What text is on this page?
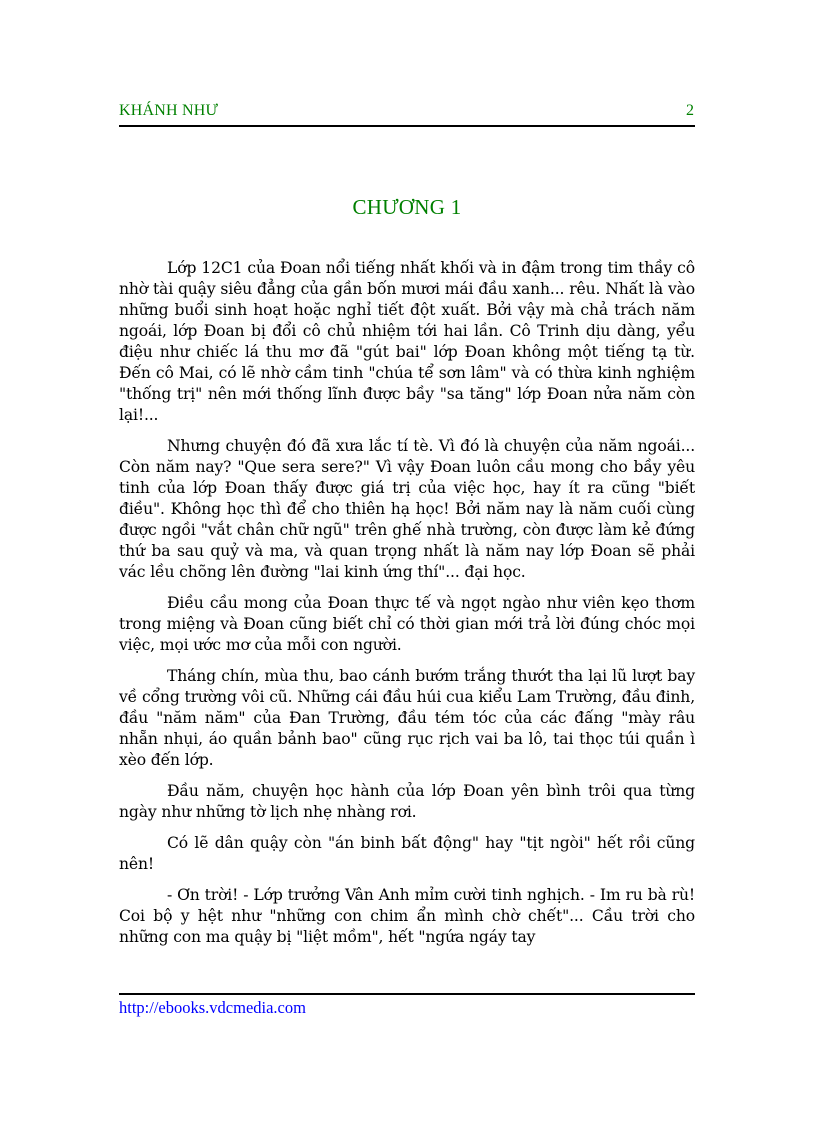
KHÁNH NHƯ	2
CHƯƠNG 1

Lớp 12C1 của Đoan nổi tiếng nhất khối và in đậm trong tim thầy cô nhờ tài quậy siêu đẳng của gần bốn mươi mái đầu xanh... rêu. Nhất là vào những buổi sinh hoạt hoặc nghỉ tiết đột xuất. Bởi vậy mà chả trách năm ngoái, lớp Đoan bị đổi cô chủ nhiệm tới hai lần. Cô Trinh dịu dàng, yểu điệu như chiếc lá thu mơ đã "gút bai" lớp Đoan không một tiếng tạ từ. Đến cô Mai, có lẽ nhờ cầm tinh "chúa tể sơn lâm" và có thừa kinh nghiệm "thống trị" nên mới thống lĩnh được bầy "sa tăng" lớp Đoan nửa năm còn lại!...

Nhưng chuyện đó đã xưa lắc tí tè. Vì đó là chuyện của năm ngoái... Còn năm nay? "Que sera sere?" Vì vậy Đoan luôn cầu mong cho bầy yêu tinh của lớp Đoan thấy được giá trị của việc học, hay ít ra cũng "biết điều". Không học thì để cho thiên hạ học! Bởi năm nay là năm cuối cùng được ngồi "vắt chân chữ ngũ" trên ghế nhà trường, còn được làm kẻ đứng thứ ba sau quỷ và ma, và quan trọng nhất là năm nay lớp Đoan sẽ phải vác lều chõng lên đường "lai kinh ứng thí"... đại học.

Điều cầu mong của Đoan thực tế và ngọt ngào như viên kẹo thơm trong miệng và Đoan cũng biết chỉ có thời gian mới trả lời đúng chóc mọi việc, mọi ước mơ của mỗi con người.

Tháng chín, mùa thu, bao cánh bướm trắng thướt tha lại lũ lượt bay về cổng trường vôi cũ. Những cái đầu húi cua kiểu Lam Trường, đầu đinh, đầu "năm năm" của Đan Trường, đầu tém tóc của các đấng "mày râu nhẵn nhụi, áo quần bảnh bao" cũng rục rịch vai ba lô, tai thọc túi quần ì xèo đến lớp.

Đầu năm, chuyện học hành của lớp Đoan yên bình trôi qua từng ngày như những tờ lịch nhẹ nhàng rơi.

Có lẽ dân quậy còn "án binh bất động" hay "tịt ngòi" hết rồi cũng nên!

- Ơn trời! - Lớp trưởng Vân Anh mỉm cười tinh nghịch. - Im ru bà rù! Coi bộ y hệt như "những con chim ẩn mình chờ chết"... Cầu trời cho những con ma quậy bị "liệt mồm", hết "ngứa ngáy tay

http://ebooks.vdcmedia.com
